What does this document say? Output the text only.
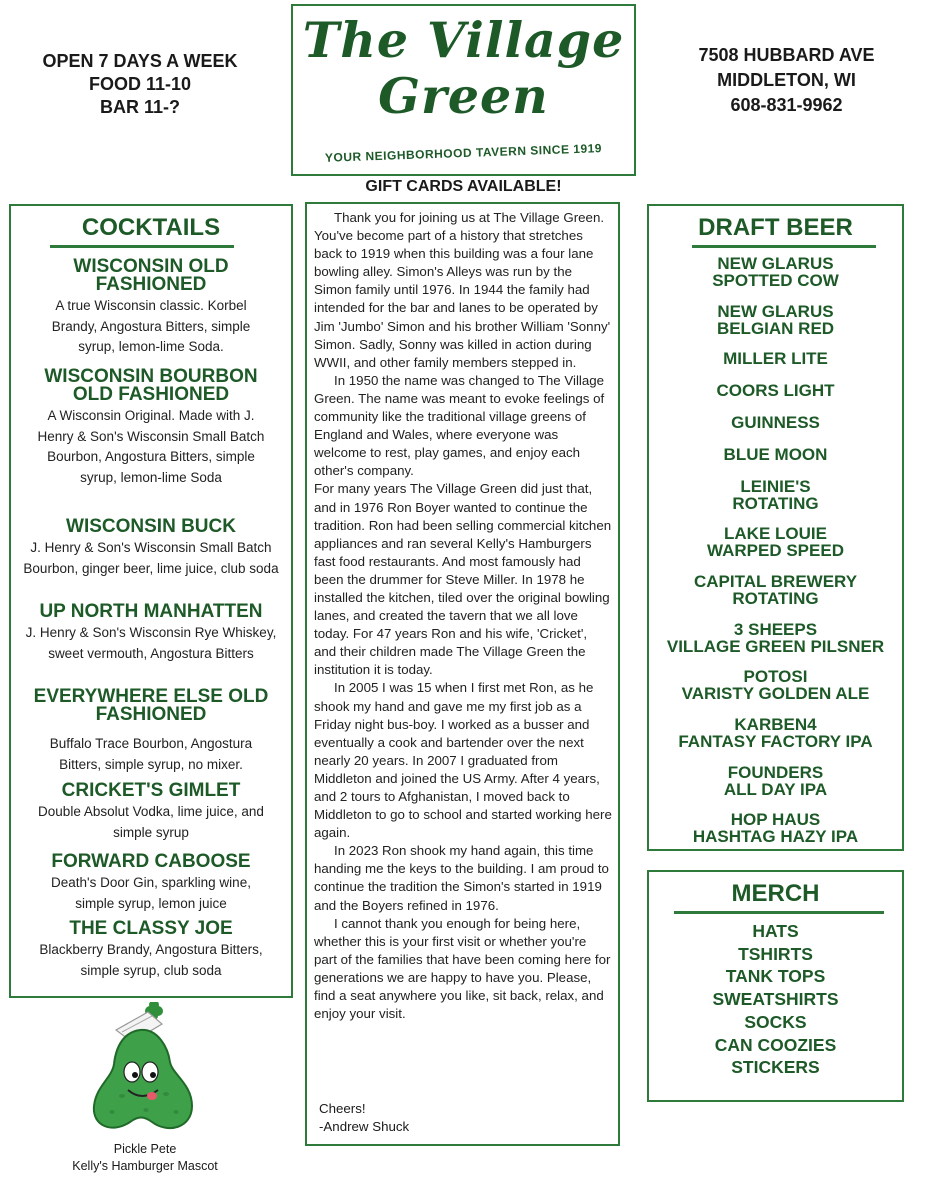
OPEN 7 DAYS A WEEK
FOOD 11-10
BAR 11-?
The Village
Green
YOUR NEIGHBORHOOD TAVERN SINCE 1919
GIFT CARDS AVAILABLE!
7508 HUBBARD AVE
MIDDLETON, WI
608-831-9962
COCKTAILS
WISCONSIN OLD FASHIONED
A true Wisconsin classic. Korbel Brandy, Angostura Bitters, simple syrup, lemon-lime Soda.
WISCONSIN BOURBON OLD FASHIONED
A Wisconsin Original. Made with J. Henry & Son's Wisconsin Small Batch Bourbon, Angostura Bitters, simple syrup, lemon-lime Soda
WISCONSIN BUCK
J. Henry & Son's Wisconsin Small Batch Bourbon, ginger beer, lime juice, club soda
UP NORTH MANHATTEN
J. Henry & Son's Wisconsin Rye Whiskey, sweet vermouth, Angostura Bitters
EVERYWHERE ELSE OLD FASHIONED
Buffalo Trace Bourbon, Angostura Bitters, simple syrup, no mixer.
CRICKET'S GIMLET
Double Absolut Vodka, lime juice, and simple syrup
FORWARD CABOOSE
Death's Door Gin, sparkling wine, simple syrup, lemon juice
THE CLASSY JOE
Blackberry Brandy, Angostura Bitters, simple syrup, club soda

Thank you for joining us at The Village Green. You've become part of a history that stretches back to 1919 when this building was a four lane bowling alley. Simon's Alleys was run by the Simon family until 1976. In 1944 the family had intended for the bar and lanes to be operated by Jim 'Jumbo' Simon and his brother William 'Sonny' Simon. Sadly, Sonny was killed in action during WWII, and other family members stepped in.

In 1950 the name was changed to The Village Green. The name was meant to evoke feelings of community like the traditional village greens of England and Wales, where everyone was welcome to rest, play games, and enjoy each other's company.

For many years The Village Green did just that, and in 1976 Ron Boyer wanted to continue the tradition. Ron had been selling commercial kitchen appliances and ran several Kelly's Hamburgers fast food restaurants. And most famously had been the drummer for Steve Miller. In 1978 he installed the kitchen, tiled over the original bowling lanes, and created the tavern that we all love today. For 47 years Ron and his wife, 'Cricket', and their children made The Village Green the institution it is today.

In 2005 I was 15 when I first met Ron, as he shook my hand and gave me my first job as a Friday night bus-boy. I worked as a busser and eventually a cook and bartender over the next nearly 20 years. In 2007 I graduated from Middleton and joined the US Army. After 4 years, and 2 tours to Afghanistan, I moved back to Middleton to go to school and started working here again.

In 2023 Ron shook my hand again, this time handing me the keys to the building. I am proud to continue the tradition the Simon's started in 1919 and the Boyers refined in 1976.

I cannot thank you enough for being here, whether this is your first visit or whether you're part of the families that have been coming here for generations we are happy to have you. Please, find a seat anywhere you like, sit back, relax, and enjoy your visit.

Cheers!
-Andrew Shuck
DRAFT BEER
NEW GLARUS
SPOTTED COW
NEW GLARUS
BELGIAN RED
MILLER LITE
COORS LIGHT
GUINNESS
BLUE MOON
LEINIE'S
ROTATING
LAKE LOUIE
WARPED SPEED
CAPITAL BREWERY
ROTATING
3 SHEEPS
VILLAGE GREEN PILSNER
POTOSI
VARISTY GOLDEN ALE
KARBEN4
FANTASY FACTORY IPA
FOUNDERS
ALL DAY IPA
HOP HAUS
HASHTAG HAZY IPA
MERCH
HATS
TSHIRTS
TANK TOPS
SWEATSHIRTS
SOCKS
CAN COOZIES
STICKERS
Pickle Pete
Kelly's Hamburger Mascot
